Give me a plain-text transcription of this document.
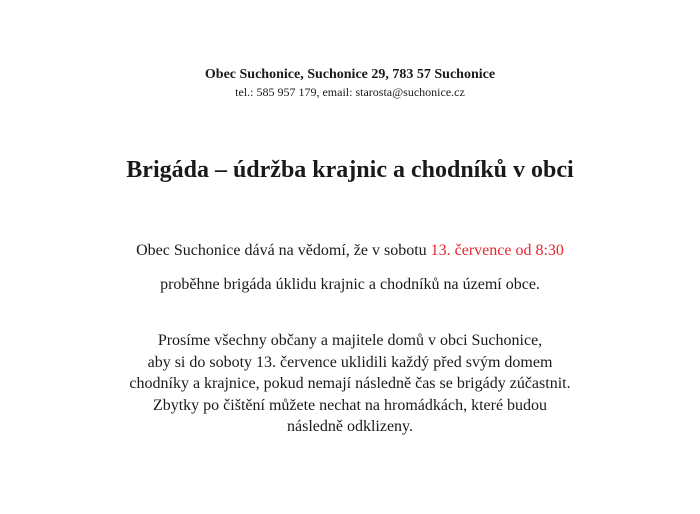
Obec Suchonice, Suchonice 29, 783 57 Suchonice
tel.: 585 957 179, email: starosta@suchonice.cz
Brigáda – údržba krajnic a chodníků v obci
Obec Suchonice dává na vědomí, že v sobotu 13. července od 8:30
proběhne brigáda úklidu krajnic a chodníků na území obce.
Prosíme všechny občany a majitele domů v obci Suchonice,
aby si do soboty 13. července uklidili každý před svým domem
chodníky a krajnice, pokud nemají následně čas se brigády zúčastnit.
Zbytky po čištění můžete nechat na hromádkách, které budou
následně odklizeny.
